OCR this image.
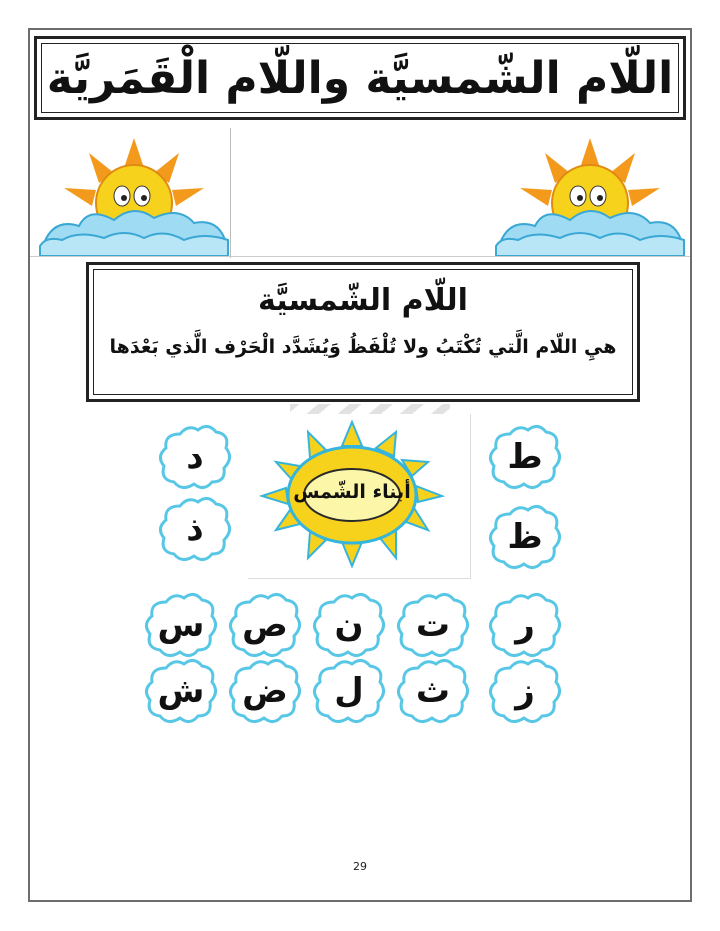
اللّام الشّمسيَّة واللّام الْقَمَريَّة
اللّام الشّمسيَّة
هيِ اللّام الَّتي تُكْتَبُ ولا تُلْفَظُ وَيُشَدَّد الْحَرْف الَّذي بَعْدَها
أبناء الشّمس
د
ذ
ط
ظ
س ص ن ت ر
ش ض ل ث ز
29
